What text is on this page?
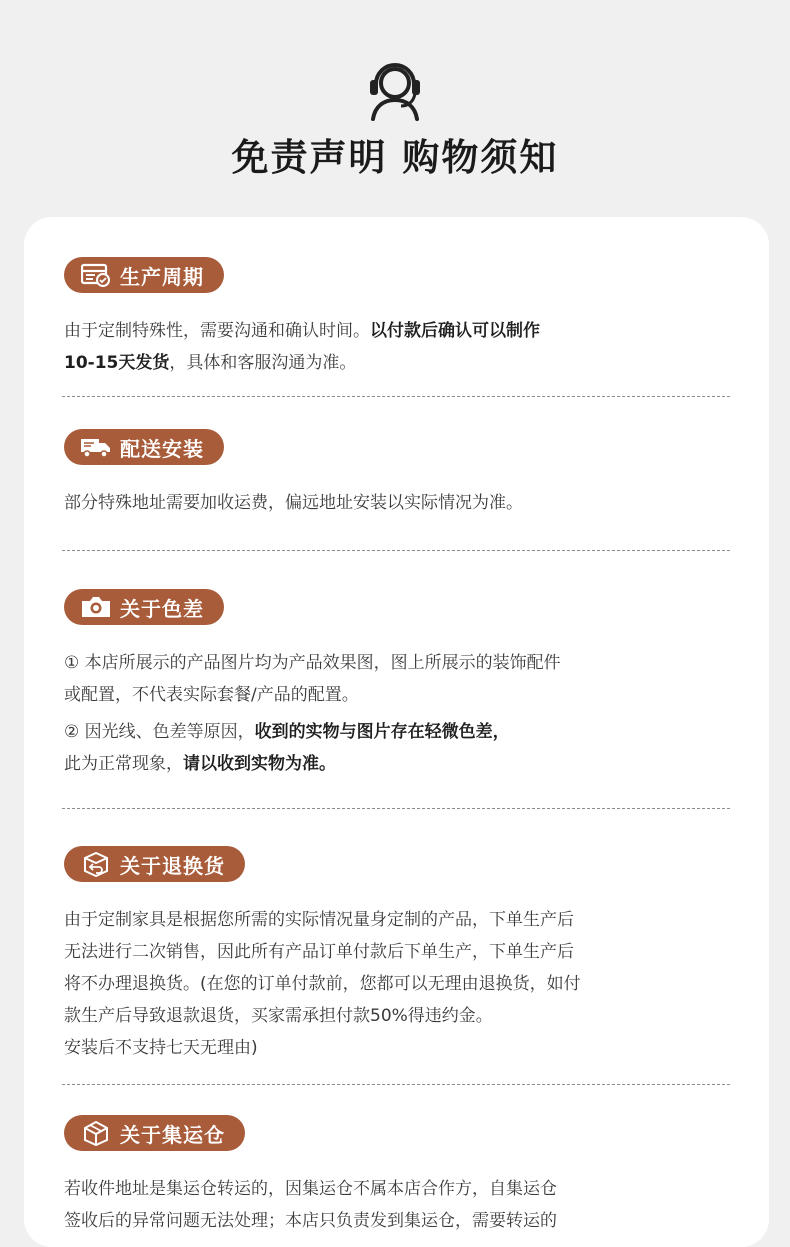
免责声明 购物须知
生产周期

由于定制特殊性，需要沟通和确认时间。以付款后确认可以制作

10-15天发货，具体和客服沟通为准。

配送安装

部分特殊地址需要加收运费，偏远地址安装以实际情况为准。

关于色差

① 本店所展示的产品图片均为产品效果图，图上所展示的装饰配件

或配置，不代表实际套餐/产品的配置。

② 因光线、色差等原因，收到的实物与图片存在轻微色差，

此为正常现象，请以收到实物为准。

关于退换货

由于定制家具是根据您所需的实际情况量身定制的产品，下单生产后

无法进行二次销售，因此所有产品订单付款后下单生产，下单生产后

将不办理退换货。(在您的订单付款前，您都可以无理由退换货，如付

款生产后导致退款退货，买家需承担付款50%得违约金。

安装后不支持七天无理由)

关于集运仓

若收件地址是集运仓转运的，因集运仓不属本店合作方，自集运仓

签收后的异常问题无法处理；本店只负责发到集运仓，需要转运的
